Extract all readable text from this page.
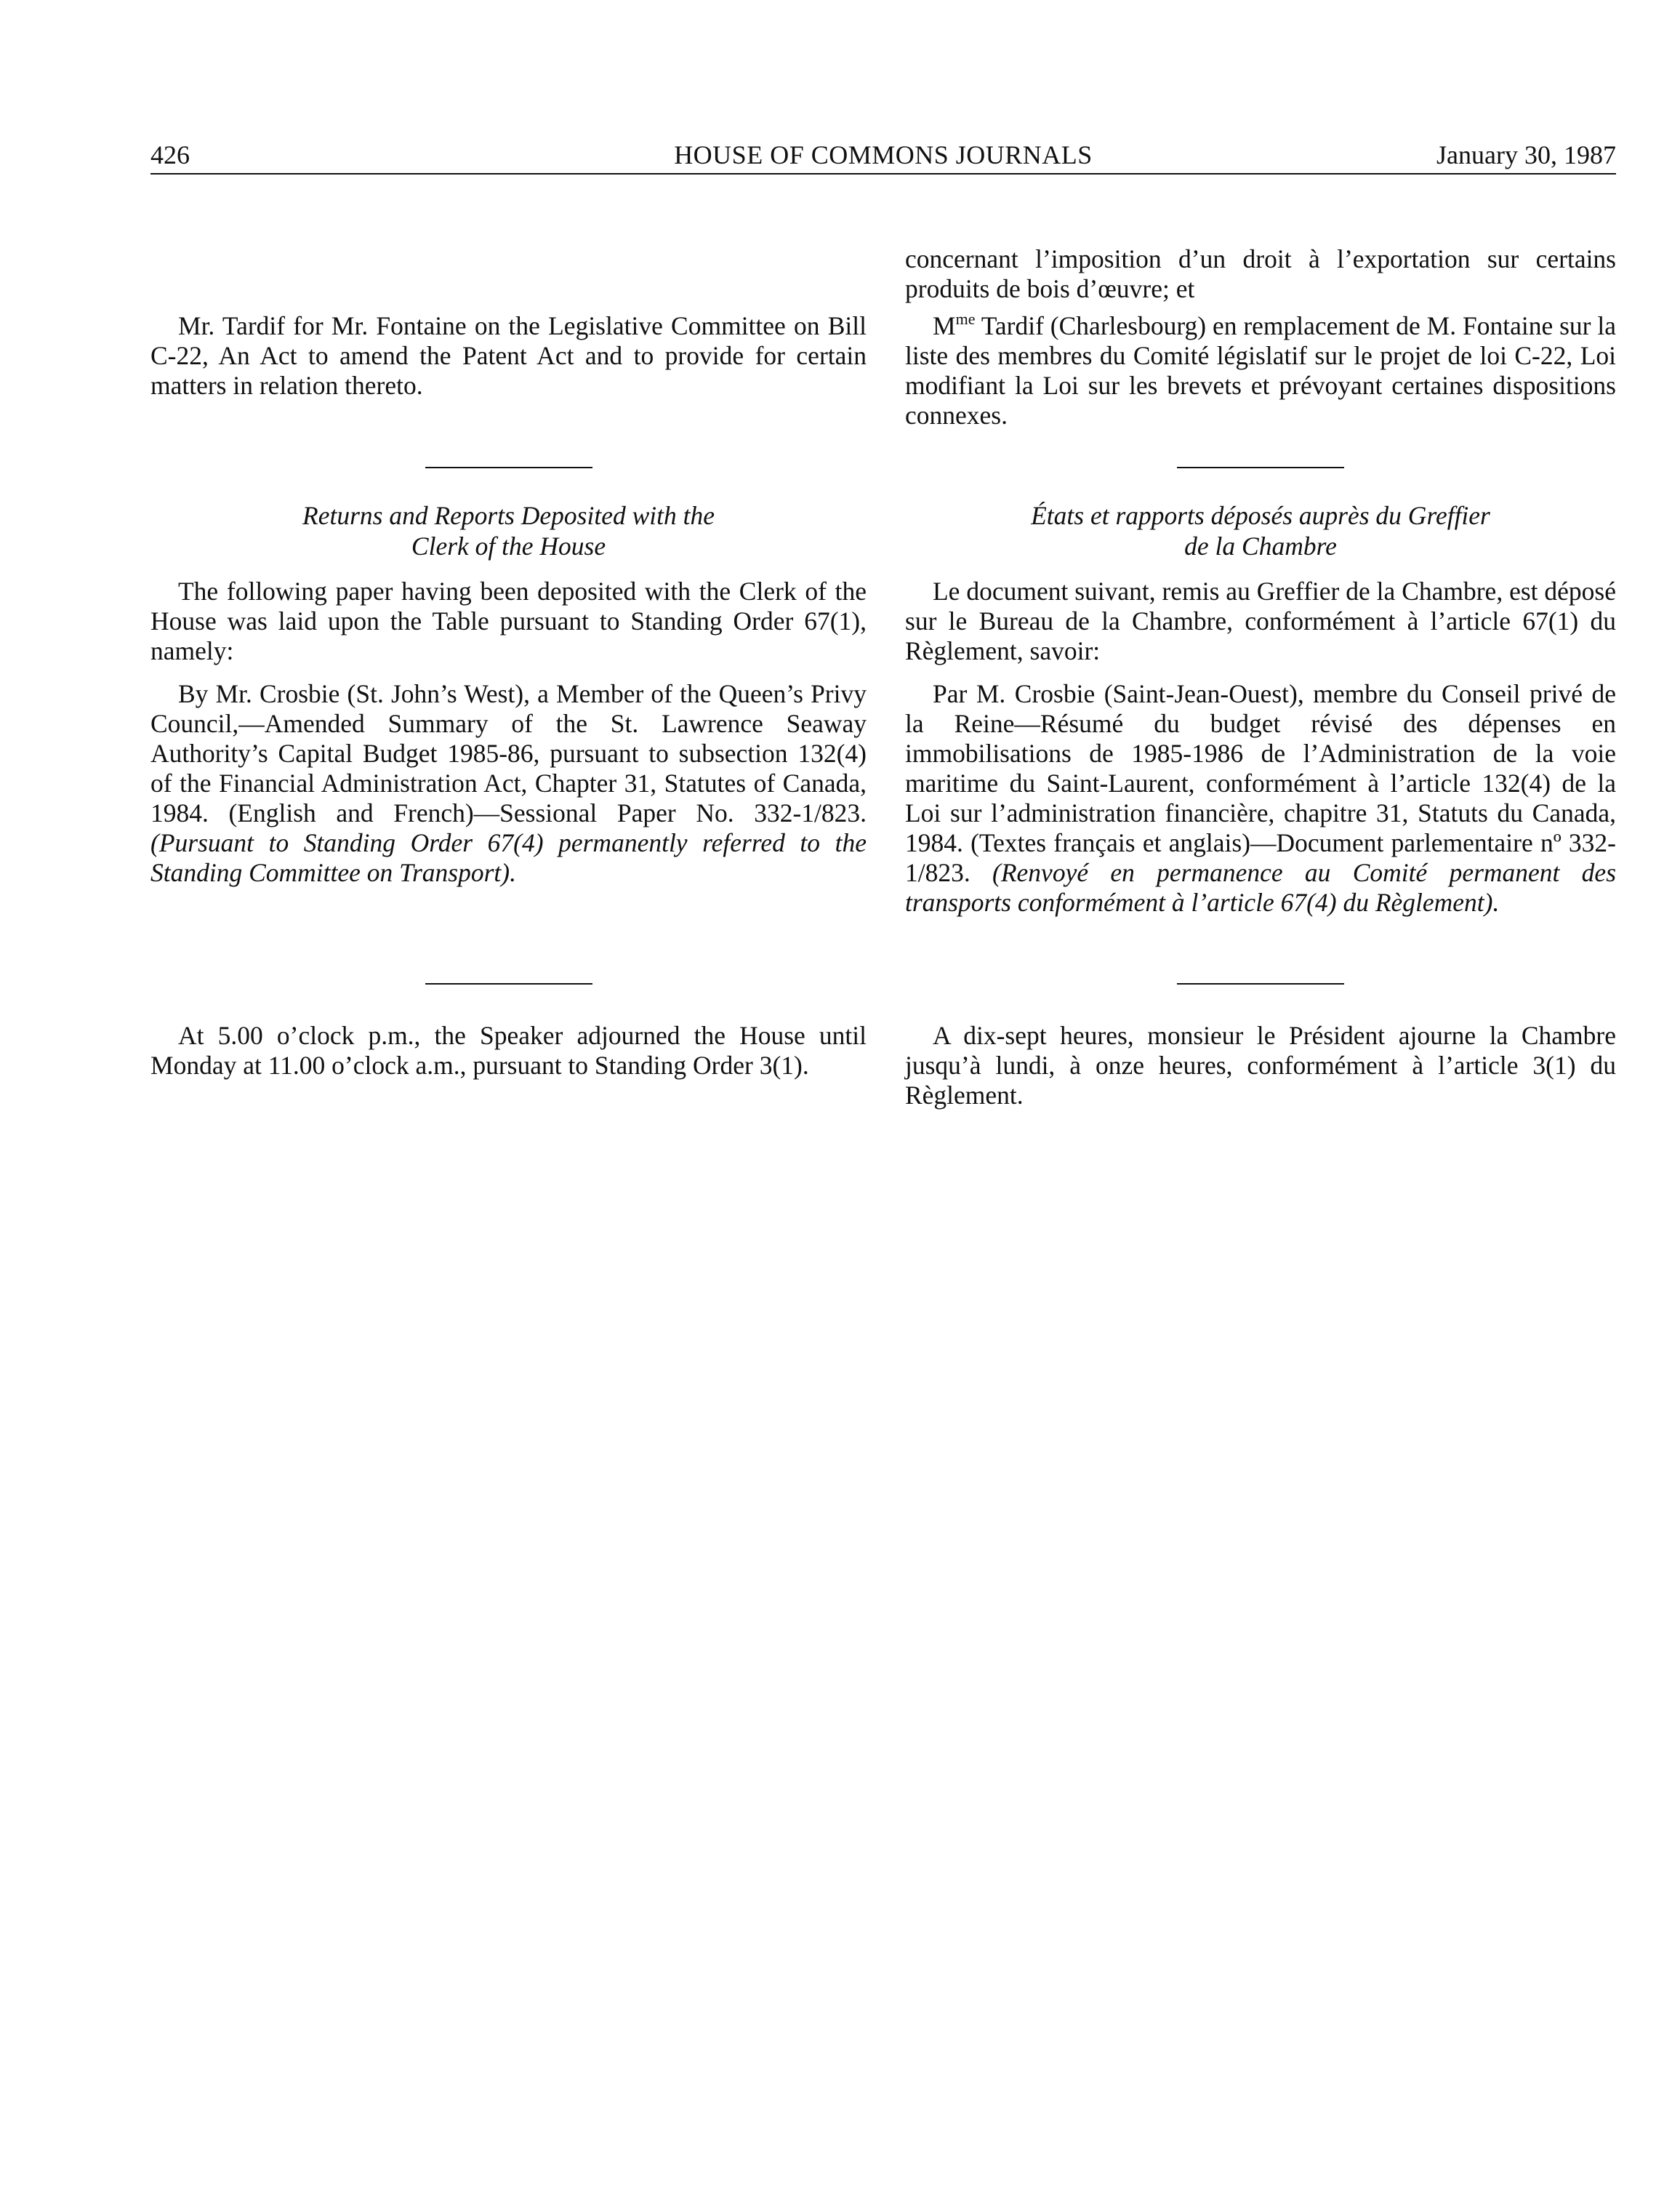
426	HOUSE OF COMMONS JOURNALS	January 30, 1987

Mr. Tardif for Mr. Fontaine on the Legislative Committee on Bill C-22, An Act to amend the Patent Act and to provide for certain matters in relation thereto.

Returns and Reports Deposited with the
Clerk of the House

The following paper having been deposited with the Clerk of the House was laid upon the Table pursuant to Standing Order 67(1), namely:

By Mr. Crosbie (St. John’s West), a Member of the Queen’s Privy Council,—Amended Summary of the St. Lawrence Seaway Authority’s Capital Budget 1985-86, pursuant to subsection 132(4) of the Financial Administration Act, Chapter 31, Statutes of Canada, 1984. (English and French)—Sessional Paper No. 332-1/823. (Pursuant to Standing Order 67(4) permanently referred to the Standing Committee on Transport).

At 5.00 o’clock p.m., the Speaker adjourned the House until Monday at 11.00 o’clock a.m., pursuant to Standing Order 3(1).

concernant l’imposition d’un droit à l’exportation sur certains produits de bois d’œuvre; et

$M^{me}$ Tardif (Charlesbourg) en remplacement de M. Fontaine sur la liste des membres du Comité législatif sur le projet de loi C-22, Loi modifiant la Loi sur les brevets et prévoyant certaines dispositions connexes.

États et rapports déposés auprès du Greffier
de la Chambre

Le document suivant, remis au Greffier de la Chambre, est déposé sur le Bureau de la Chambre, conformément à l’article 67(1) du Règlement, savoir:

Par M. Crosbie (Saint-Jean-Ouest), membre du Conseil privé de la Reine—Résumé du budget révisé des dépenses en immobilisations de 1985-1986 de l’Administration de la voie maritime du Saint-Laurent, conformément à l’article 132(4) de la Loi sur l’administration financière, chapitre 31, Statuts du Canada, 1984. (Textes français et anglais)—Document parlementaire nº 332-1/823. (Renvoyé en permanence au Comité permanent des transports conformément à l’article 67(4) du Règlement).

A dix-sept heures, monsieur le Président ajourne la Chambre jusqu’à lundi, à onze heures, conformément à l’article 3(1) du Règlement.
